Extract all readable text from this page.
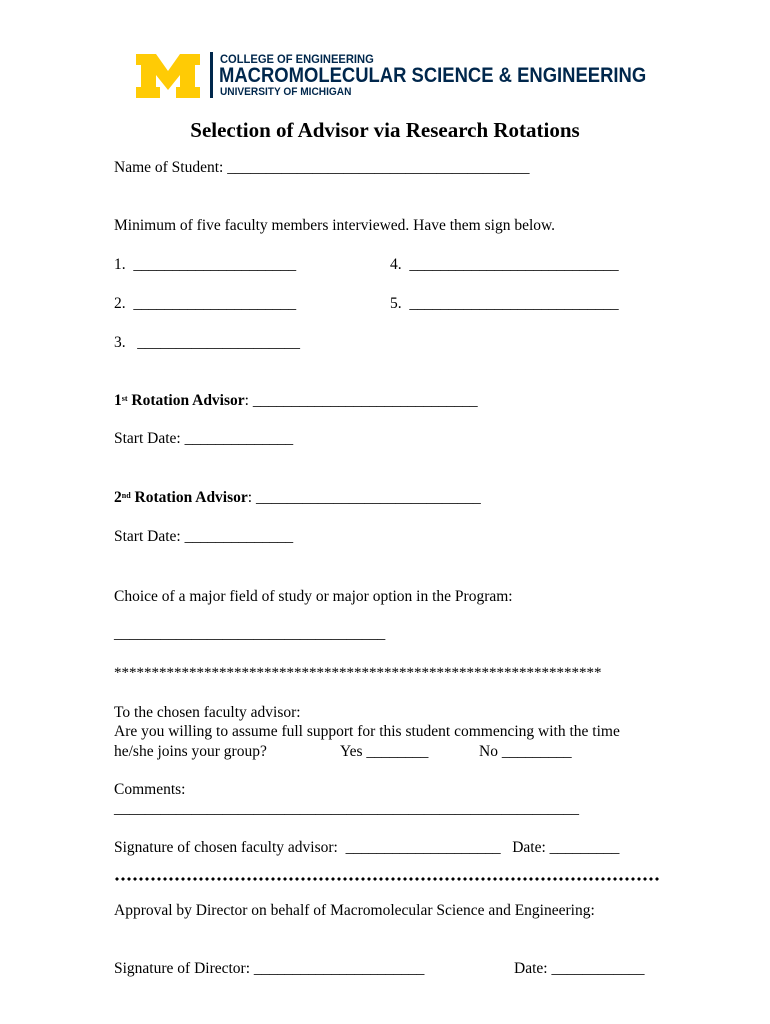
COLLEGE OF ENGINEERING
MACROMOLECULAR SCIENCE & ENGINEERING
UNIVERSITY OF MICHIGAN
Selection of Advisor via Research Rotations
Name of Student: _______________________________________
Minimum of five faculty members interviewed. Have them sign below.
1.  _____________________	4.  ___________________________
2.  _____________________	5.  ___________________________
3.   _____________________
1st Rotation Advisor: _____________________________
Start Date: ______________
2nd Rotation Advisor: _____________________________
Start Date: ______________
Choice of a major field of study or major option in the Program:
___________________________________
*****************************************************************
To the chosen faculty advisor:
Are you willing to assume full support for this student commencing with the time
he/she joins your group?	Yes ________	No _________
Comments:
____________________________________________________________
Signature of chosen faculty advisor:  ____________________   Date: _________
Approval by Director on behalf of Macromolecular Science and Engineering:
Signature of Director: ______________________	Date: ____________
